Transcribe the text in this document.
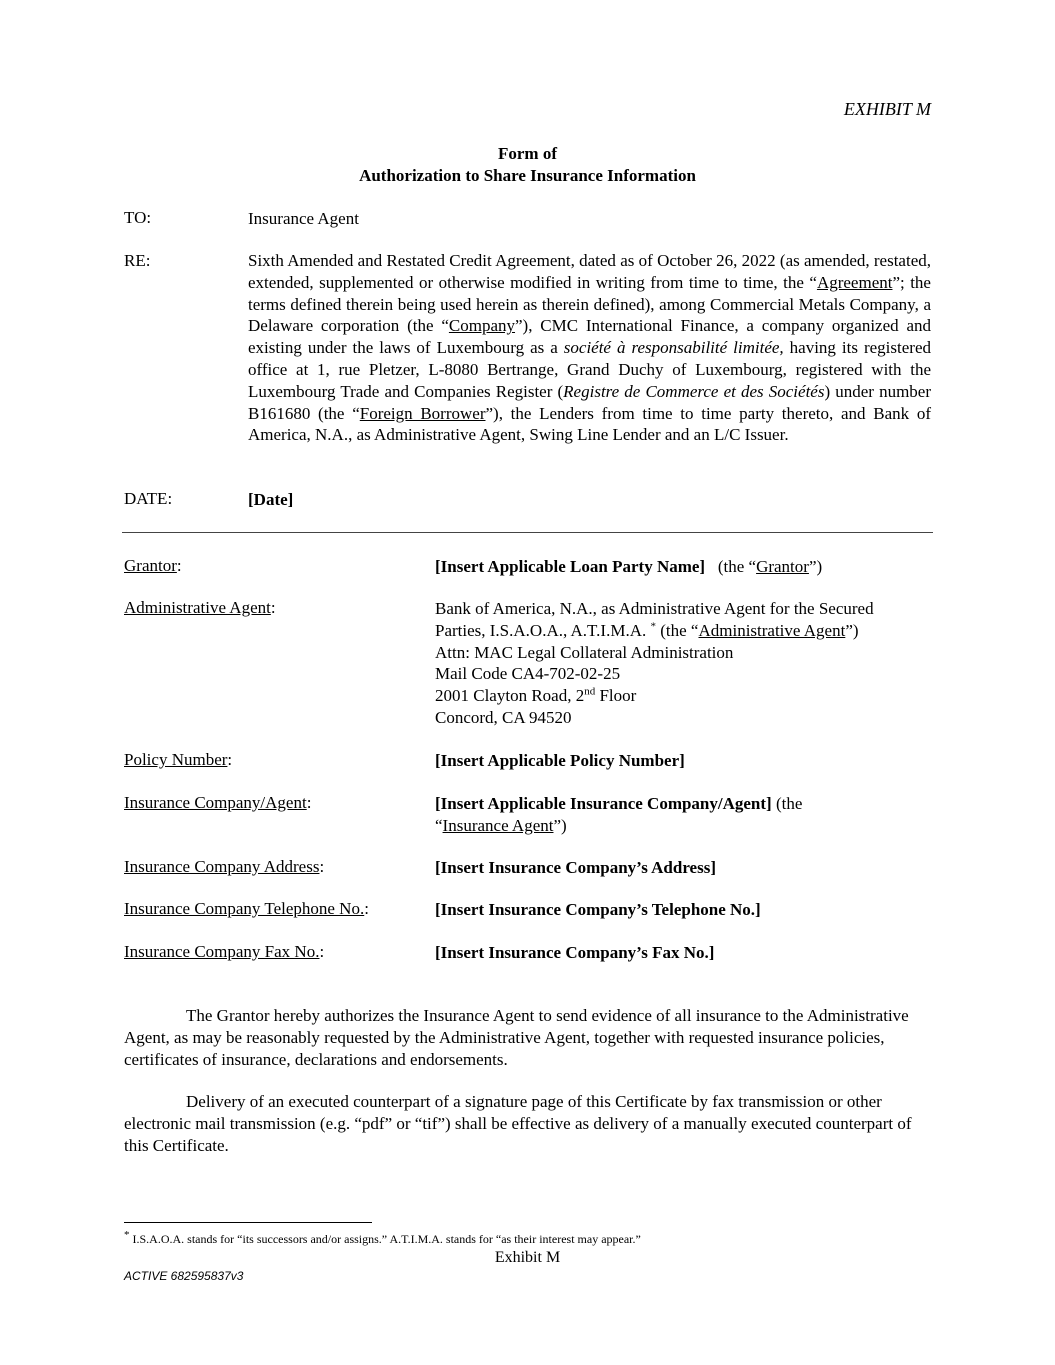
EXHIBIT M
Form of
Authorization to Share Insurance Information
TO:	Insurance Agent
RE:	Sixth Amended and Restated Credit Agreement, dated as of October 26, 2022 (as amended, restated, extended, supplemented or otherwise modified in writing from time to time, the “Agreement”; the terms defined therein being used herein as therein defined), among Commercial Metals Company, a Delaware corporation (the “Company”), CMC International Finance, a company organized and existing under the laws of Luxembourg as a société à responsabilité limitée, having its registered office at 1, rue Pletzer, L-8080 Bertrange, Grand Duchy of Luxembourg, registered with the Luxembourg Trade and Companies Register (Registre de Commerce et des Sociétés) under number B161680 (the “Foreign Borrower”), the Lenders from time to time party thereto, and Bank of America, N.A., as Administrative Agent, Swing Line Lender and an L/C Issuer.
DATE:	[Date]
Grantor:	[Insert Applicable Loan Party Name]   (the “Grantor”)
Administrative Agent:	Bank of America, N.A., as Administrative Agent for the Secured
Parties, I.S.A.O.A., A.T.I.M.A. * (the “Administrative Agent”)
Attn: MAC Legal Collateral Administration
Mail Code CA4-702-02-25
2001 Clayton Road, 2nd Floor
Concord, CA 94520
Policy Number:	[Insert Applicable Policy Number]
Insurance Company/Agent:	[Insert Applicable Insurance Company/Agent] (the
“Insurance Agent”)
Insurance Company Address:	[Insert Insurance Company’s Address]
Insurance Company Telephone No.:	[Insert Insurance Company’s Telephone No.]
Insurance Company Fax No.:	[Insert Insurance Company’s Fax No.]
The Grantor hereby authorizes the Insurance Agent to send evidence of all insurance to the Administrative Agent, as may be reasonably requested by the Administrative Agent, together with requested insurance policies, certificates of insurance, declarations and endorsements.
Delivery of an executed counterpart of a signature page of this Certificate by fax transmission or other electronic mail transmission (e.g. “pdf” or “tif”) shall be effective as delivery of a manually executed counterpart of this Certificate.
* I.S.A.O.A. stands for “its successors and/or assigns.” A.T.I.M.A. stands for “as their interest may appear.”
Exhibit M
ACTIVE 682595837v3
